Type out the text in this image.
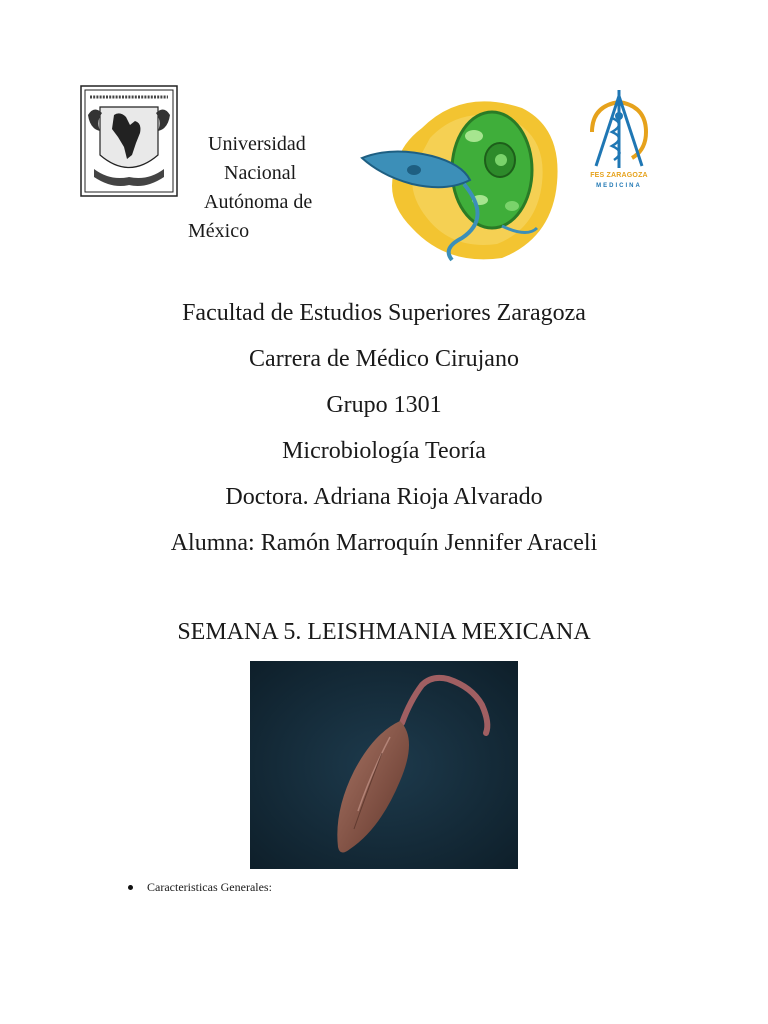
Universidad
Nacional
Autónoma de
México
FES ZARAGOZA
MEDICINA
Facultad de Estudios Superiores Zaragoza
Carrera de Médico Cirujano
Grupo 1301
Microbiología Teoría
Doctora. Adriana Rioja Alvarado
Alumna: Ramón Marroquín Jennifer Araceli
SEMANA 5. LEISHMANIA MEXICANA
Caracteristicas Generales:
